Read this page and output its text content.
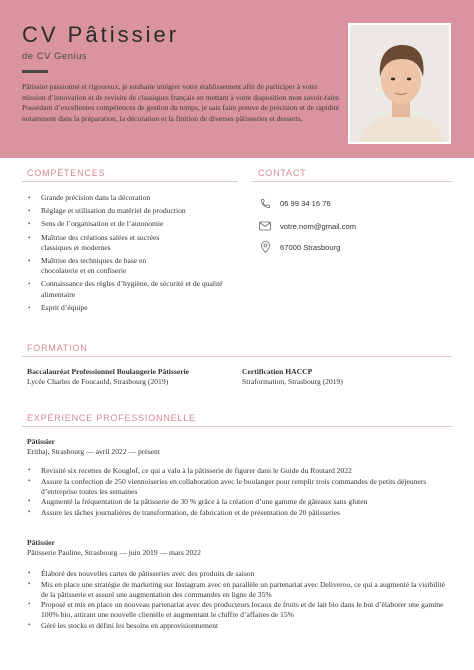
CV Pâtissier
de CV Genius
Pâtissier passionné et rigoureux, je souhaite intégrer votre établissement afin de participer à votre mission d’innovation et de revisite de classiques français en mettant à votre disposition mon savoir-faire. Possédant d’excellentes compétences de gestion du temps, je sais faire preuve de précision et de rapidité notamment dans la préparation, la décoration et la finition de diverses pâtisseries et desserts.
COMPÉTENCES
• Grande précision dans la décoration
• Réglage et utilisation du matériel de production
• Sens de l’organisation et de l’autonomie
• Maîtrise des créations salées et sucrées classiques et modernes
• Maîtrise des techniques de base en chocolaterie et en confiserie
• Connaissance des règles d’hygiène, de sécurité et de qualité alimentaire
• Esprit d’équipe
CONTACT
06 99 34 16 76
votre.nom@gmail.com
67000 Strasbourg
FORMATION
Baccalauréat Professionnel Boulangerie Pâtisserie
Lycée Charles de Foucauld, Strasbourg (2019)
Certification HACCP
Straformation, Strasbourg (2019)
EXPÉRIENCE PROFESSIONNELLE
Pâtissier
Erithaj, Strasbourg — avril 2022 — présent
• Revisité six recettes de Kouglof, ce qui a valu à la pâtisserie de figurer dans le Guide du Routard 2022
• Assure la confection de 250 viennoiseries en collaboration avec le boulanger pour remplir trois commandes de petits déjeuners d’entreprise toutes les semaines
• Augmenté la fréquentation de la pâtisserie de 30 % grâce à la création d’une gamme de gâteaux sans gluten
• Assure les tâches journalières de transformation, de fabrication et de présentation de 20 pâtisseries
Pâtissier
Pâtisserie Pauline, Strasbourg — juin 2019 — mars 2022
• Élaboré des nouvelles cartes de pâtisseries avec des produits de saison
• Mis en place une stratégie de marketing sur Instagram avec en parallèle un partenariat avec Deliveroo, ce qui a augmenté la visibilité de la pâtisserie et assuré une augmentation des commandes en ligne de 35%
• Proposé et mis en place un nouveau partenariat avec des producteurs locaux de fruits et de lait bio dans le but d’élaborer une gamme 100% bio, attirant une nouvelle clientèle et augmentant le chiffre d’affaires de 15%
• Géré les stocks et défini les besoins en approvisionnement
